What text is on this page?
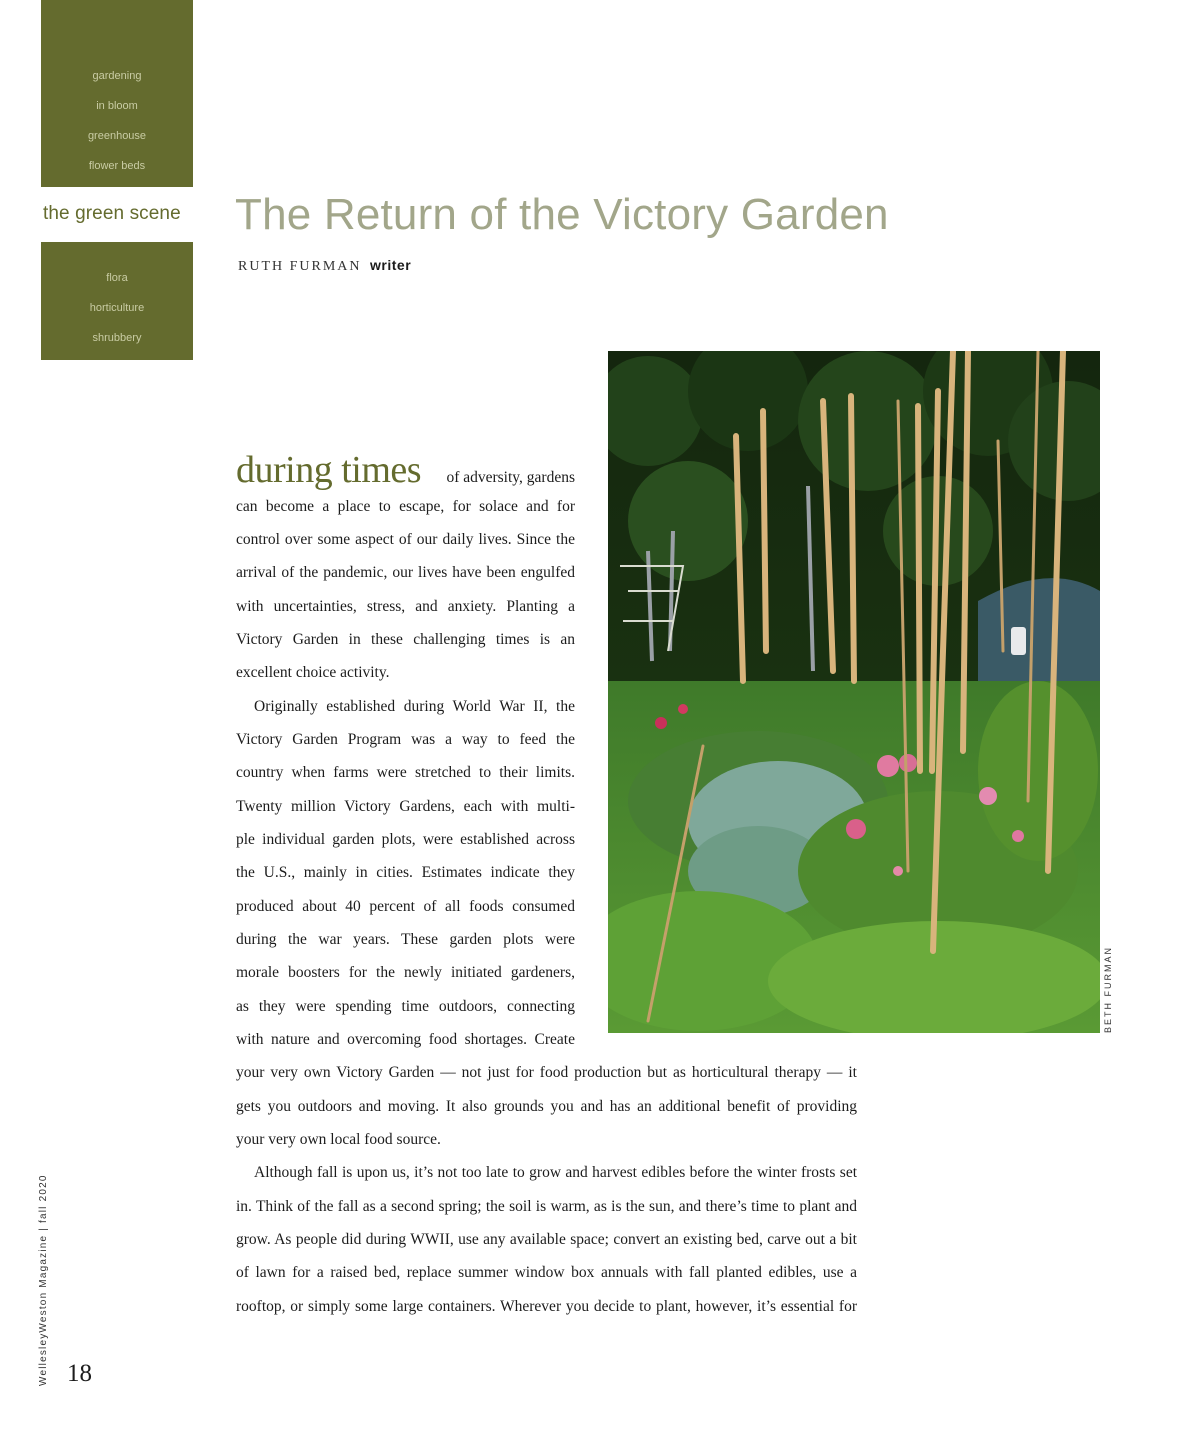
gardening
in bloom
greenhouse
flower beds
the green scene
flora
horticulture
shrubbery
The Return of the Victory Garden
RUTH FURMAN writer
BETH FURMAN
during times of adversity, gardens
can become a place to escape, for solace and for
control over some aspect of our daily lives. Since the
arrival of the pandemic, our lives have been engulfed
with uncertainties, stress, and anxiety. Planting a
Victory Garden in these challenging times is an
excellent choice activity.
Originally established during World War II, the
Victory Garden Program was a way to feed the
country when farms were stretched to their limits.
Twenty million Victory Gardens, each with multi-
ple individual garden plots, were established across
the U.S., mainly in cities. Estimates indicate they
produced about 40 percent of all foods consumed
during the war years. These garden plots were
morale boosters for the newly initiated gardeners,
as they were spending time outdoors, connecting
with nature and overcoming food shortages. Create
your very own Victory Garden — not just for food production but as horticultural therapy — it
gets you outdoors and moving. It also grounds you and has an additional benefit of providing
your very own local food source.
Although fall is upon us, it’s not too late to grow and harvest edibles before the winter frosts set
in. Think of the fall as a second spring; the soil is warm, as is the sun, and there’s time to plant and
grow. As people did during WWII, use any available space; convert an existing bed, carve out a bit
of lawn for a raised bed, replace summer window box annuals with fall planted edibles, use a
rooftop, or simply some large containers. Wherever you decide to plant, however, it’s essential for
WellesleyWeston Magazine | fall 2020 18
